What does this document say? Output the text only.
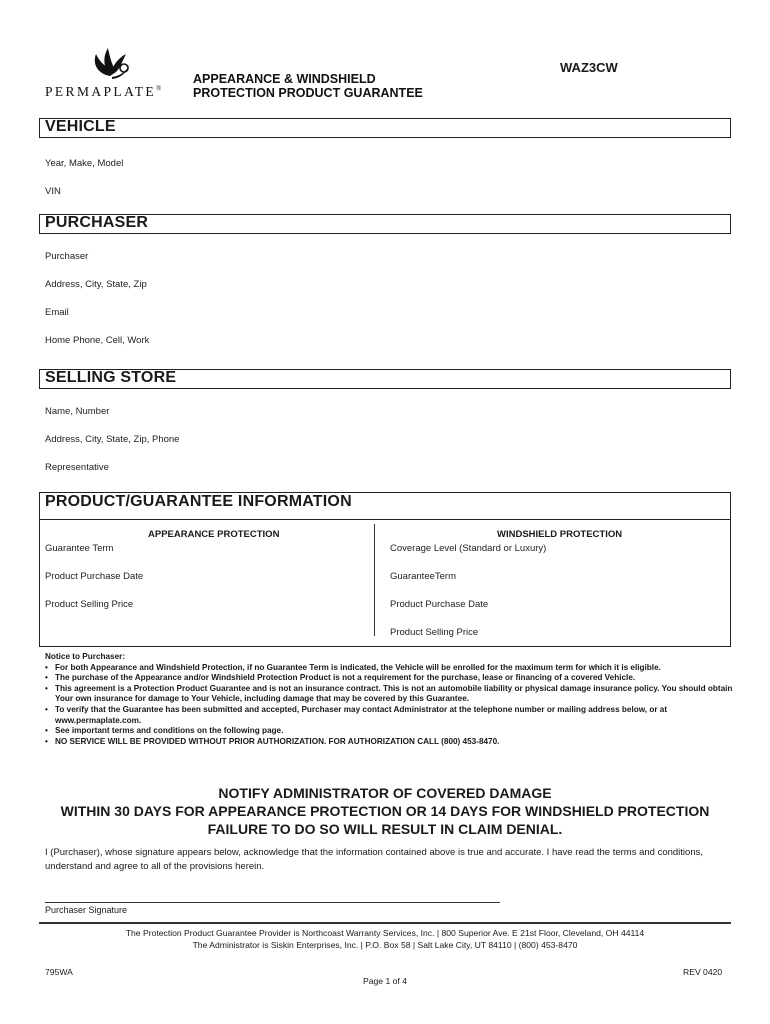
PERMAPLATE®
APPEARANCE & WINDSHIELD
PROTECTION PRODUCT GUARANTEE
WAZ3CW
VEHICLE
Year, Make, Model
VIN
PURCHASER
Purchaser
Address, City, State, Zip
Email
Home Phone, Cell, Work
SELLING STORE
Name, Number
Address, City, State, Zip, Phone
Representative
PRODUCT/GUARANTEE INFORMATION
APPEARANCE PROTECTION
Guarantee Term
Product Purchase Date
Product Selling Price
WINDSHIELD PROTECTION
Coverage Level (Standard or Luxury)
GuaranteeTerm
Product Purchase Date
Product Selling Price
Notice to Purchaser:
• For both Appearance and Windshield Protection, if no Guarantee Term is indicated, the Vehicle will be enrolled for the maximum term for which it is eligible.
• The purchase of the Appearance and/or Windshield Protection Product is not a requirement for the purchase, lease or financing of a covered Vehicle.
• This agreement is a Protection Product Guarantee and is not an insurance contract. This is not an automobile liability or physical damage insurance policy. You should obtain Your own insurance for damage to Your Vehicle, including damage that may be covered by this Guarantee.
• To verify that the Guarantee has been submitted and accepted, Purchaser may contact Administrator at the telephone number or mailing address below, or at www.permaplate.com.
• See important terms and conditions on the following page.
• NO SERVICE WILL BE PROVIDED WITHOUT PRIOR AUTHORIZATION. FOR AUTHORIZATION CALL (800) 453-8470.
NOTIFY ADMINISTRATOR OF COVERED DAMAGE
WITHIN 30 DAYS FOR APPEARANCE PROTECTION OR 14 DAYS FOR WINDSHIELD PROTECTION
FAILURE TO DO SO WILL RESULT IN CLAIM DENIAL.
I (Purchaser), whose signature appears below, acknowledge that the information contained above is true and accurate. I have read the terms and conditions, understand and agree to all of the provisions herein.
Purchaser Signature
The Protection Product Guarantee Provider is Northcoast Warranty Services, Inc. | 800 Superior Ave. E 21st Floor, Cleveland, OH 44114
The Administrator is Siskin Enterprises, Inc. | P.O. Box 58 | Salt Lake City, UT 84110 | (800) 453-8470
795WA
Page 1 of 4
REV 0420
